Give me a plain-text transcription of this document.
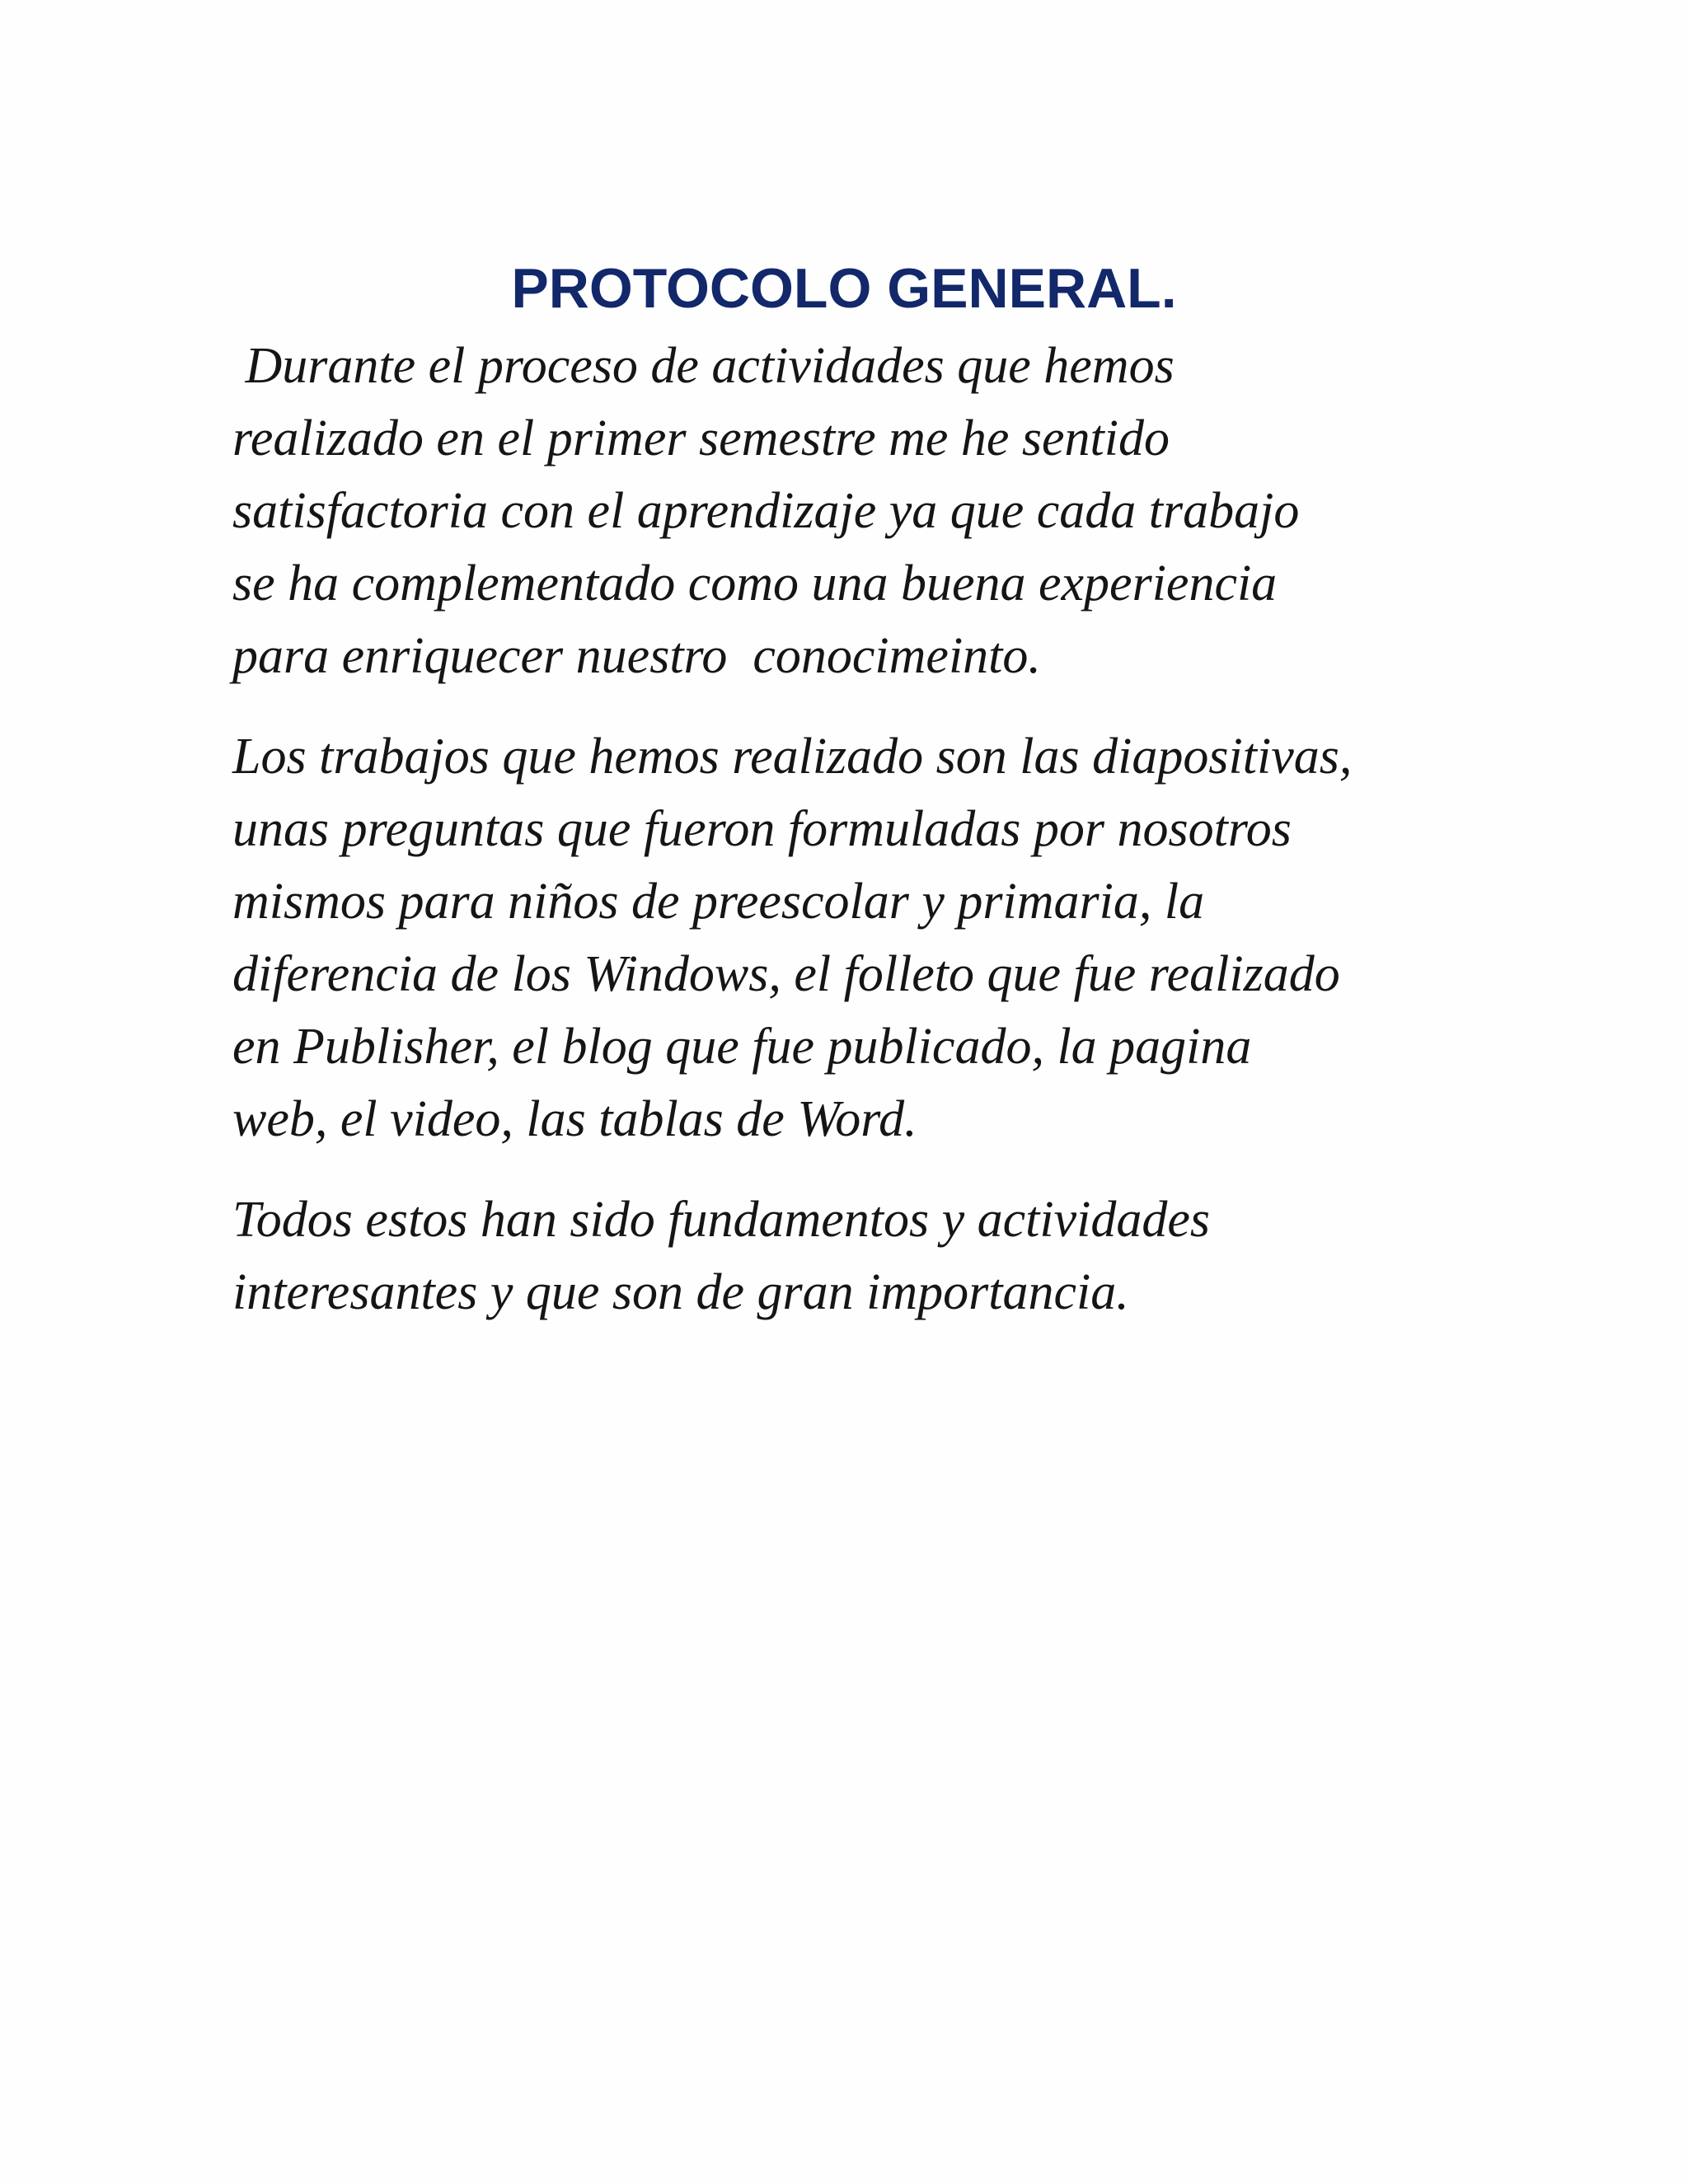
PROTOCOLO GENERAL.

Durante el proceso de actividades que hemos
realizado en el primer semestre me he sentido
satisfactoria con el aprendizaje ya que cada trabajo
se ha complementado como una buena experiencia
para enriquecer nuestro  conocimeinto.

Los trabajos que hemos realizado son las diapositivas,
unas preguntas que fueron formuladas por nosotros
mismos para niños de preescolar y primaria, la
diferencia de los Windows, el folleto que fue realizado
en Publisher, el blog que fue publicado, la pagina
web, el video, las tablas de Word.

Todos estos han sido fundamentos y actividades
interesantes y que son de gran importancia.
